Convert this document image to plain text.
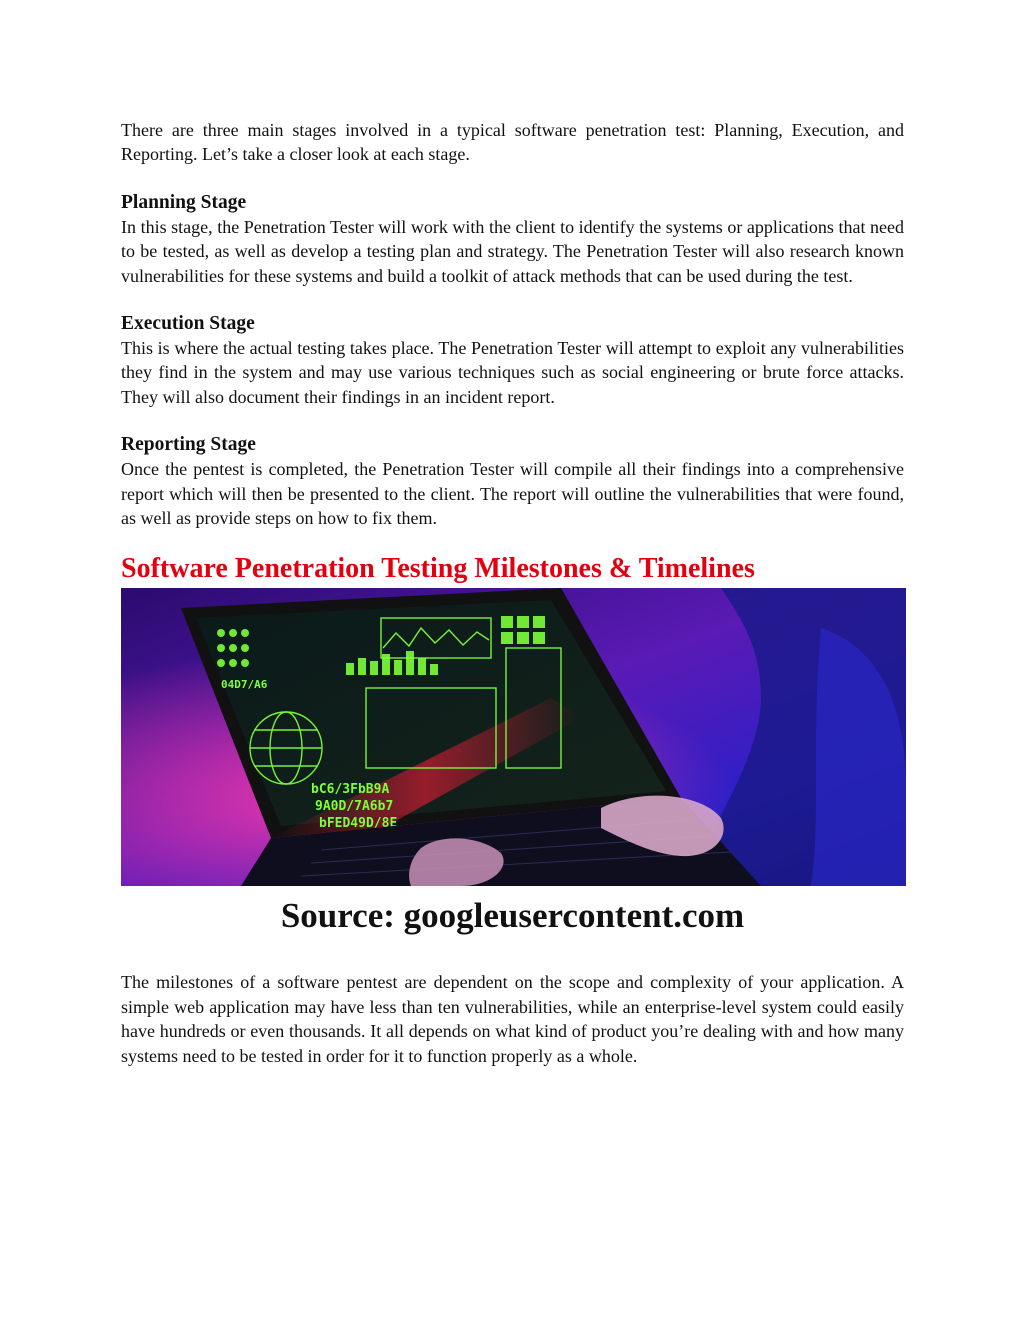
There are three main stages involved in a typical software penetration test: Planning, Execution, and Reporting. Let’s take a closer look at each stage.

Planning Stage

In this stage, the Penetration Tester will work with the client to identify the systems or applications that need to be tested, as well as develop a testing plan and strategy. The Penetration Tester will also research known vulnerabilities for these systems and build a toolkit of attack methods that can be used during the test.

Execution Stage

This is where the actual testing takes place. The Penetration Tester will attempt to exploit any vulnerabilities they find in the system and may use various techniques such as social engineering or brute force attacks. They will also document their findings in an incident report.

Reporting Stage

Once the pentest is completed, the Penetration Tester will compile all their findings into a comprehensive report which will then be presented to the client. The report will outline the vulnerabilities that were found, as well as provide steps on how to fix them.

Software Penetration Testing Milestones & Timelines
bC6/3FbB9A
9A0D/7A6b7
bFED49D/8E
04D7/A6
Source: googleusercontent.com

The milestones of a software pentest are dependent on the scope and complexity of your application. A simple web application may have less than ten vulnerabilities, while an enterprise-level system could easily have hundreds or even thousands. It all depends on what kind of product you’re dealing with and how many systems need to be tested in order for it to function properly as a whole.
